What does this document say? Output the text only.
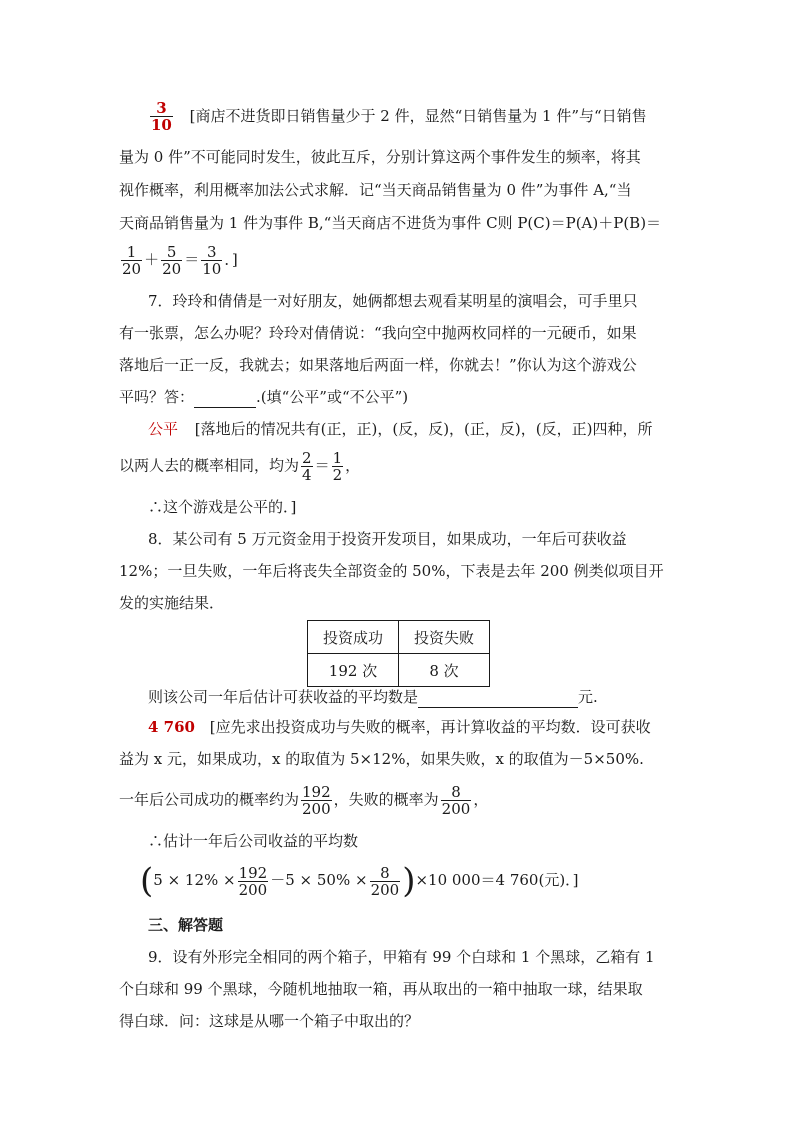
$\frac{3}{10}$ [商店不进货即日销售量少于 2 件，显然“日销售量为 1 件”与“日销售
量为 0 件”不可能同时发生，彼此互斥，分别计算这两个事件发生的频率，将其
视作概率，利用概率加法公式求解．记“当天商品销售量为 0 件”为事件 A,“当
天商品销售量为 1 件为事件 B,“当天商店不进货为事件 C则 P(C)＝P(A)＋P(B)＝
$\frac{1}{20} + \frac{5}{20} = \frac{3}{10}$ ．]
7．玲玲和倩倩是一对好朋友，她俩都想去观看某明星的演唱会，可手里只
有一张票，怎么办呢？玲玲对倩倩说：“我向空中抛两枚同样的一元硬币，如果
落地后一正一反，我就去；如果落地后两面一样，你就去！”你认为这个游戏公
平吗？答：	.(填“公平”或“不公平”)
公平 [落地后的情况共有(正，正)，(反，反)，(正，反)，(反，正)四种，所
以两人去的概率相同，均为 $\frac{2}{4} = \frac{1}{2}$ ，
∴这个游戏是公平的．]
8．某公司有 5 万元资金用于投资开发项目，如果成功，一年后可获收益
12%；一旦失败，一年后将丧失全部资金的 50%，下表是去年 200 例类似项目开
发的实施结果．
投资成功	投资失败
192 次	8 次
则该公司一年后估计可获收益的平均数是	元.
4 760 [应先求出投资成功与失败的概率，再计算收益的平均数．设可获收
益为 x 元，如果成功，x 的取值为 5×12%，如果失败，x 的取值为－5×50%.
一年后公司成功的概率约为 $\frac{192}{200}$ ，失败的概率为 $\frac{8}{200}$ ，
∴估计一年后公司收益的平均数
$(5 \times 12\% \times \frac{192}{200} -5 \times 50\% \times \frac{8}{200} )\times 10$ 000＝4 760(元)．]
三、解答题
9．设有外形完全相同的两个箱子，甲箱有 99 个白球和 1 个黑球，乙箱有 1
个白球和 99 个黑球，今随机地抽取一箱，再从取出的一箱中抽取一球，结果取
得白球．问：这球是从哪一个箱子中取出的？
